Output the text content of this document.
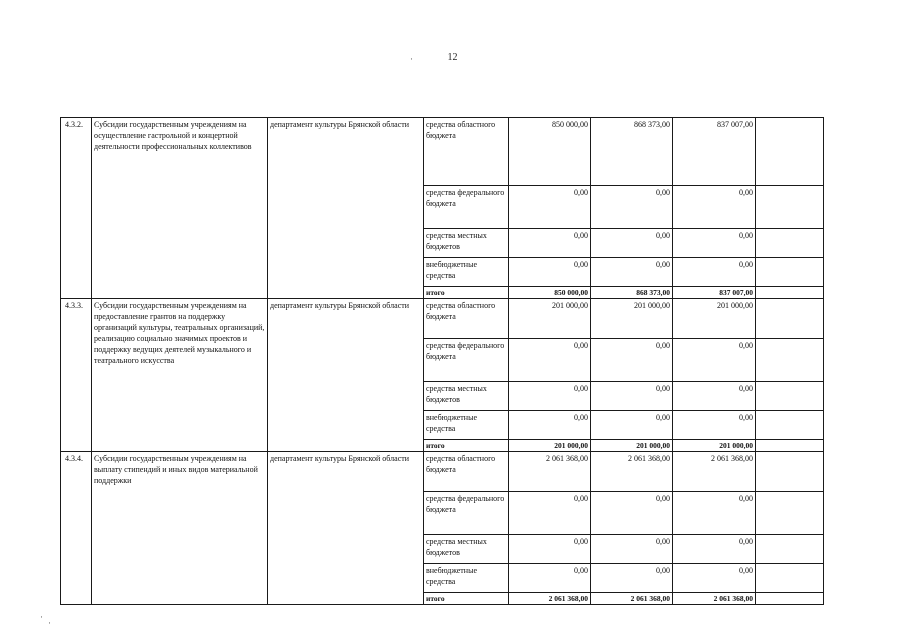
12
·
·
·
4.3.2.	Субсидии государственным учреждениям на осуществление гастрольной и концертной деятельности профессиональных коллективов	департамент культуры Брянской области	средства областного бюджета	850 000,00	868 373,00	837 007,00	
			средства федерального бюджета	0,00	0,00	0,00	
			средства местных бюджетов	0,00	0,00	0,00	
			внебюджетные средства	0,00	0,00	0,00	
			итого	850 000,00	868 373,00	837 007,00	
4.3.3.	Субсидии государственным учреждениям на предоставление грантов на поддержку организаций культуры, театральных организаций, реализацию социально значимых проектов и поддержку ведущих деятелей музыкального и театрального искусства	департамент культуры Брянской области	средства областного бюджета	201 000,00	201 000,00	201 000,00	
			средства федерального бюджета	0,00	0,00	0,00	
			средства местных бюджетов	0,00	0,00	0,00	
			внебюджетные средства	0,00	0,00	0,00	
			итого	201 000,00	201 000,00	201 000,00	
4.3.4.	Субсидии государственным учреждениям на выплату стипендий и иных видов материальной поддержки	департамент культуры Брянской области	средства областного бюджета	2 061 368,00	2 061 368,00	2 061 368,00	
			средства федерального бюджета	0,00	0,00	0,00	
			средства местных бюджетов	0,00	0,00	0,00	
			внебюджетные средства	0,00	0,00	0,00	
			итого	2 061 368,00	2 061 368,00	2 061 368,00	
